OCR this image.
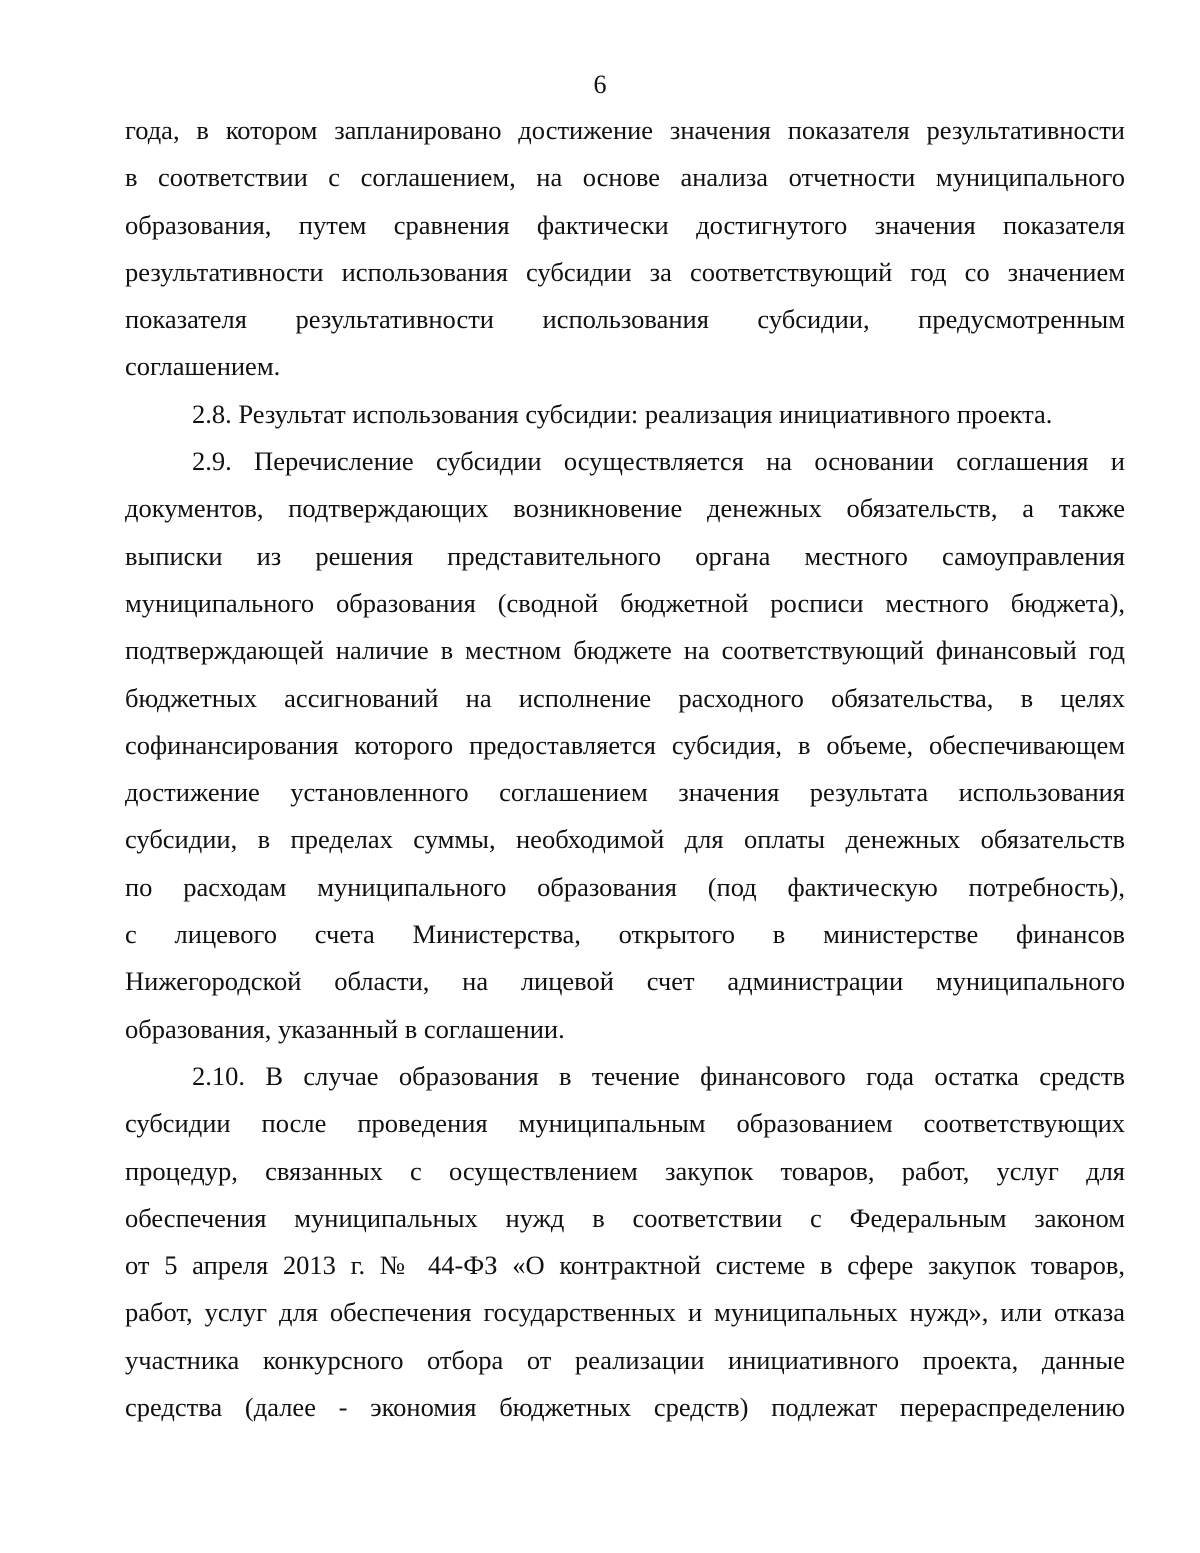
6
года, в котором запланировано достижение значения показателя результативности
в соответствии с соглашением, на основе анализа отчетности муниципального
образования, путем сравнения фактически достигнутого значения показателя
результативности использования субсидии за соответствующий год со значением
показателя результативности использования субсидии, предусмотренным
соглашением.
2.8. Результат использования субсидии: реализация инициативного проекта.
2.9. Перечисление субсидии осуществляется на основании соглашения и
документов, подтверждающих возникновение денежных обязательств, а также
выписки из решения представительного органа местного самоуправления
муниципального образования (сводной бюджетной росписи местного бюджета),
подтверждающей наличие в местном бюджете на соответствующий финансовый год
бюджетных ассигнований на исполнение расходного обязательства, в целях
софинансирования которого предоставляется субсидия, в объеме, обеспечивающем
достижение установленного соглашением значения результата использования
субсидии, в пределах суммы, необходимой для оплаты денежных обязательств
по расходам муниципального образования (под фактическую потребность),
с лицевого счета Министерства, открытого в министерстве финансов
Нижегородской области, на лицевой счет администрации муниципального
образования, указанный в соглашении.
2.10. В случае образования в течение финансового года остатка средств
субсидии после проведения муниципальным образованием соответствующих
процедур, связанных с осуществлением закупок товаров, работ, услуг для
обеспечения муниципальных нужд в соответствии с Федеральным законом
от 5 апреля 2013 г. № 44-ФЗ «О контрактной системе в сфере закупок товаров,
работ, услуг для обеспечения государственных и муниципальных нужд», или отказа
участника конкурсного отбора от реализации инициативного проекта, данные
средства (далее - экономия бюджетных средств) подлежат перераспределению
